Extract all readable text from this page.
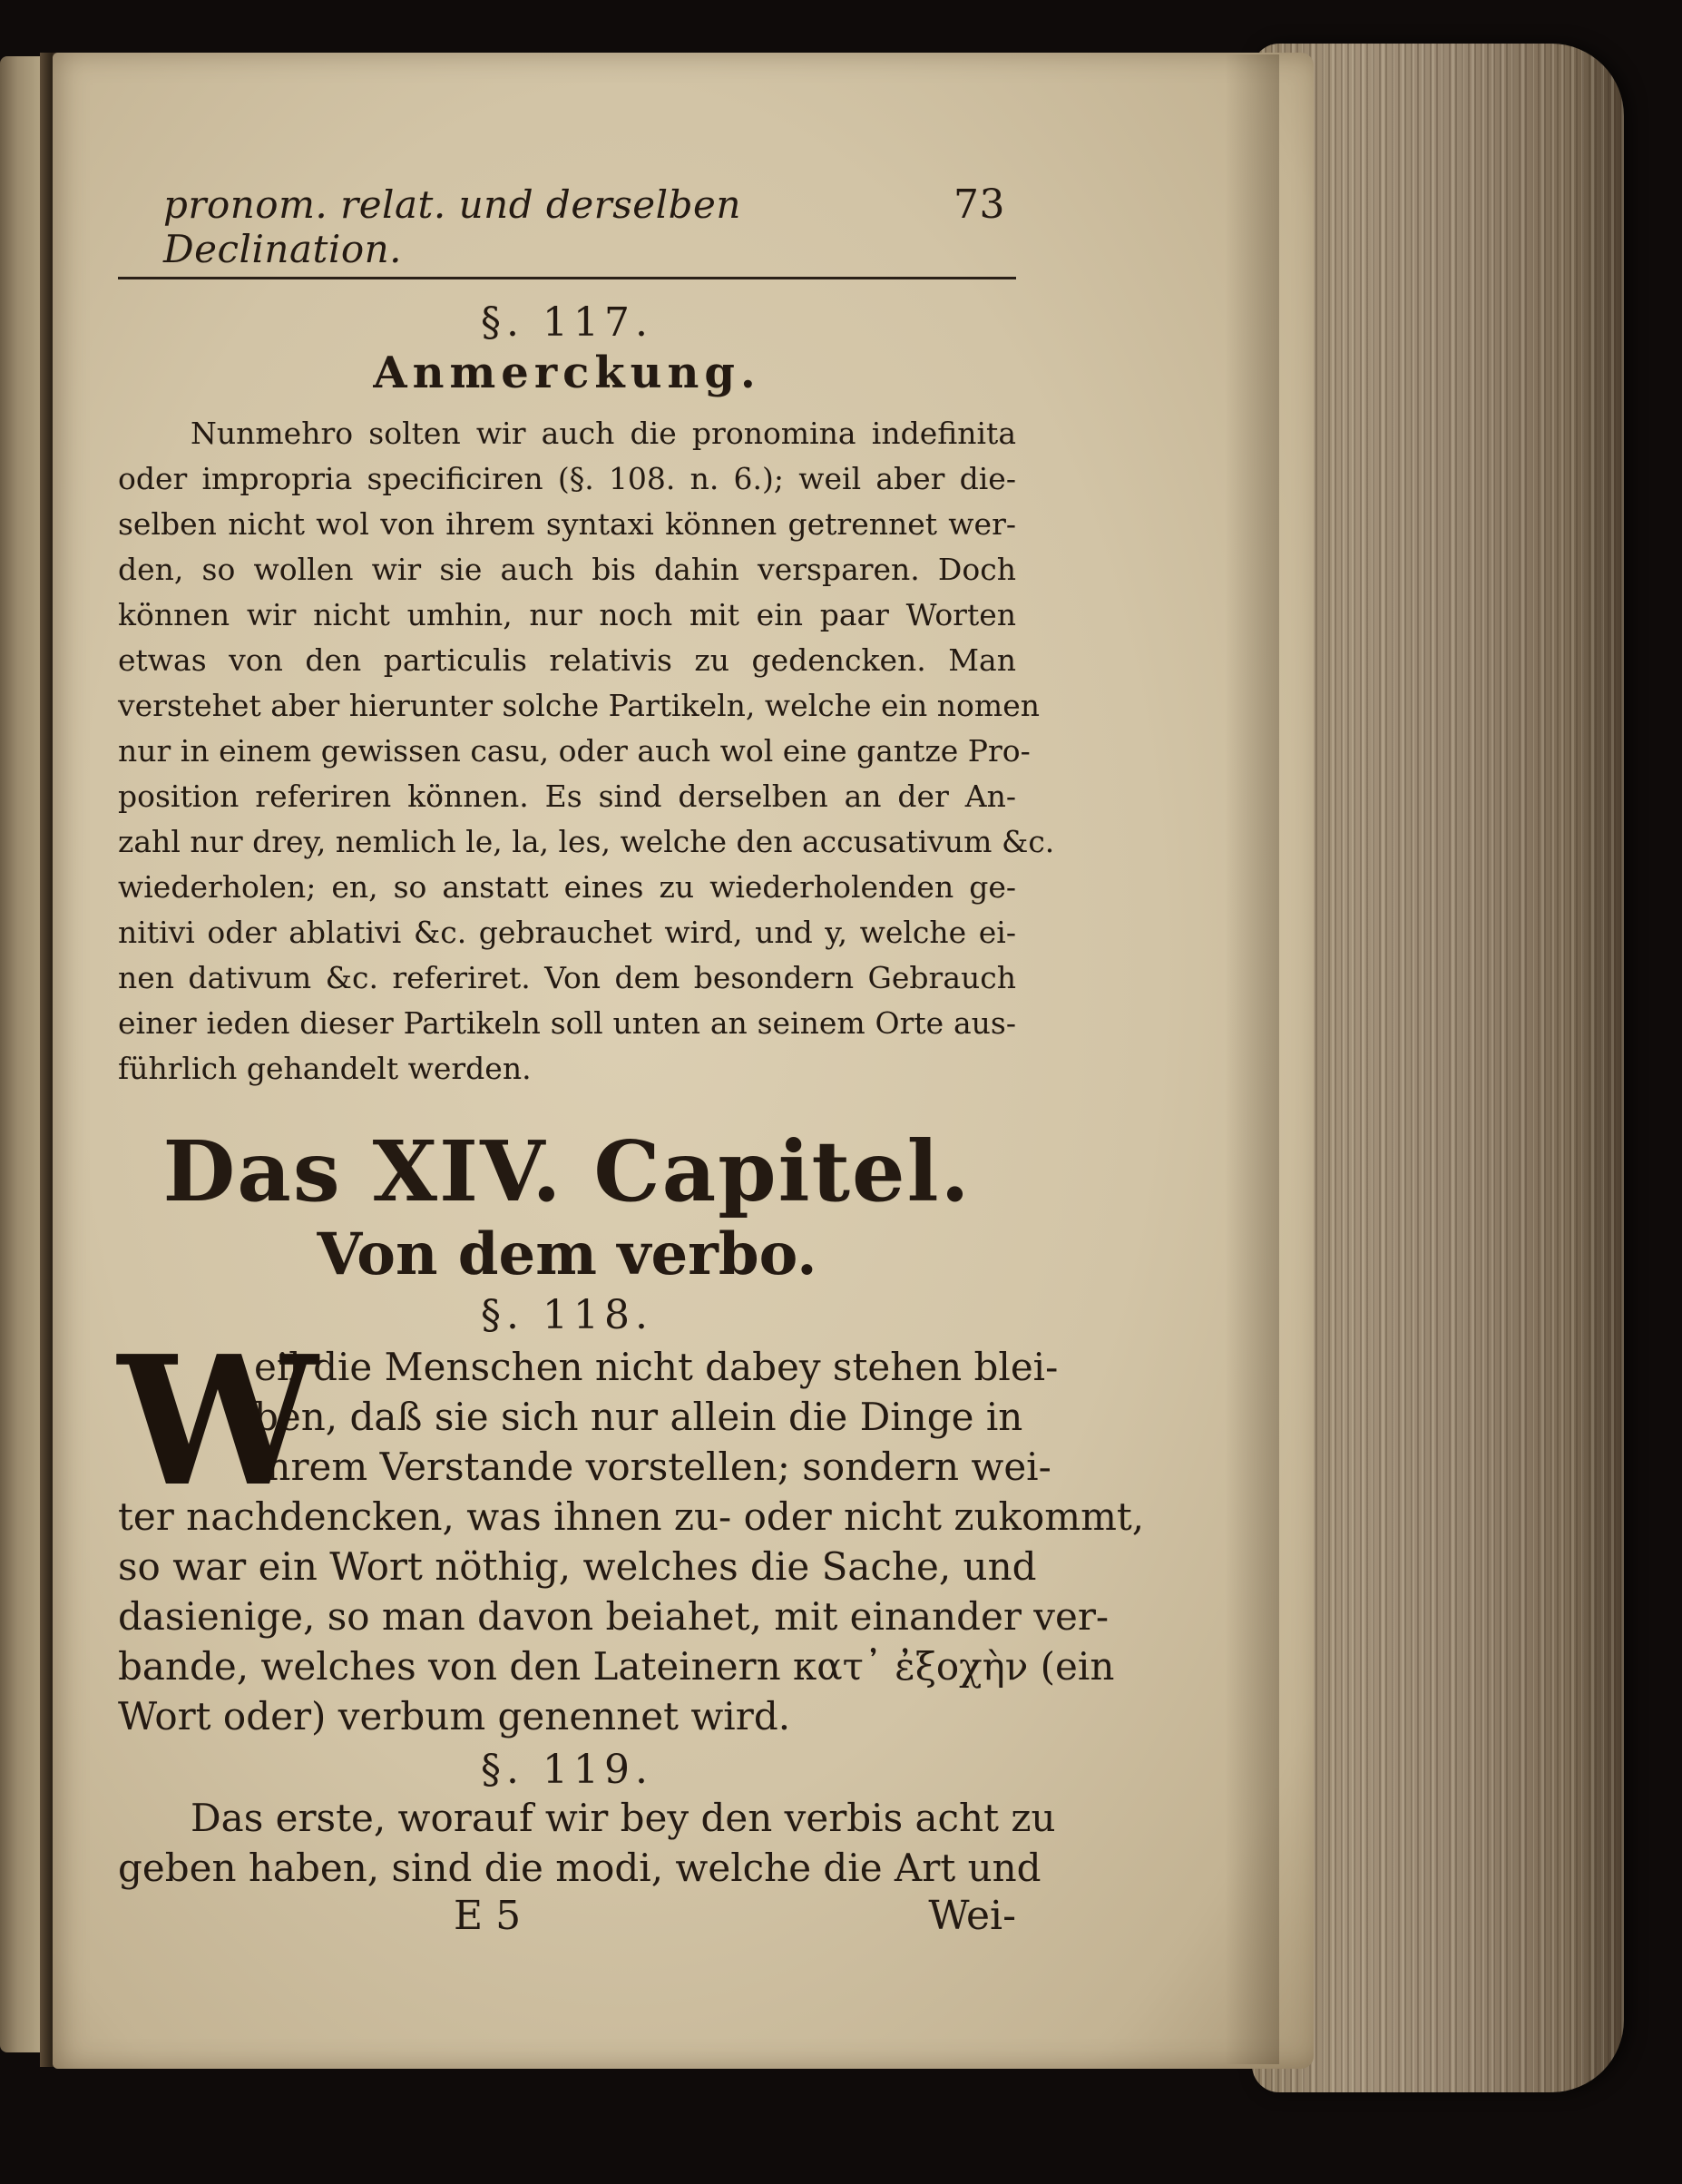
pronom. relat. und derselben Declination.
73
§. 117.
Anmerckung.
Nunmehro solten wir auch die pronomina indefinita
oder impropria specificiren (§. 108. n. 6.); weil aber die-
selben nicht wol von ihrem syntaxi können getrennet wer-
den, so wollen wir sie auch bis dahin versparen. Doch
können wir nicht umhin, nur noch mit ein paar Worten
etwas von den particulis relativis zu gedencken. Man
verstehet aber hierunter solche Partikeln, welche ein nomen
nur in einem gewissen casu, oder auch wol eine gantze Pro-
position referiren können. Es sind derselben an der An-
zahl nur drey, nemlich le, la, les, welche den accusativum &c.
wiederholen; en, so anstatt eines zu wiederholenden ge-
nitivi oder ablativi &c. gebrauchet wird, und y, welche ei-
nen dativum &c. referiret. Von dem besondern Gebrauch
einer ieden dieser Partikeln soll unten an seinem Orte aus-
führlich gehandelt werden.
Das XIV. Capitel.
Von dem verbo.
§. 118.
W
eil die Menschen nicht dabey stehen blei-
ben, daß sie sich nur allein die Dinge in
ihrem Verstande vorstellen; sondern wei-
ter nachdencken, was ihnen zu- oder nicht zukommt,
so war ein Wort nöthig, welches die Sache, und
dasienige, so man davon beiahet, mit einander ver-
bande, welches von den Lateinern κατ᾽ ἐξοχὴν (ein
Wort oder) verbum genennet wird.
§. 119.
Das erste, worauf wir bey den verbis acht zu
geben haben, sind die modi, welche die Art und
E 5	Wei-
